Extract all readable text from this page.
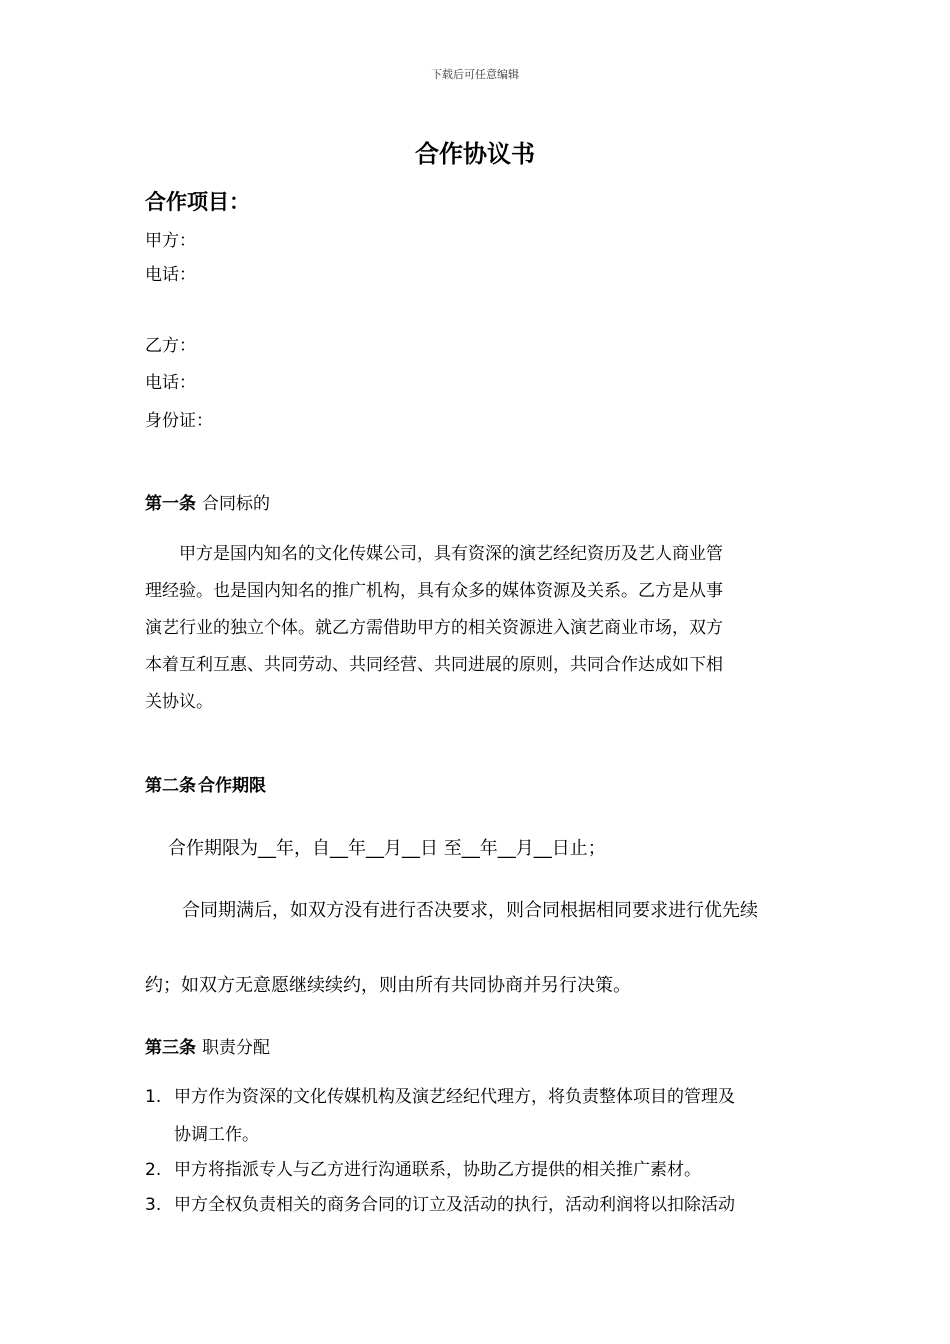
下载后可任意编辑
合作协议书
合作项目：
甲方：
电话：
乙方：
电话：
身份证：
第一条 合同标的
　　甲方是国内知名的文化传媒公司，具有资深的演艺经纪资历及艺人商业管
理经验。也是国内知名的推广机构，具有众多的媒体资源及关系。乙方是从事
演艺行业的独立个体。就乙方需借助甲方的相关资源进入演艺商业市场，双方
本着互利互惠、共同劳动、共同经营、共同进展的原则，共同合作达成如下相
关协议。
第二条 合作期限
合作期限为__年，自__年__月__日 至__年__月__日止；
合同期满后，如双方没有进行否决要求，则合同根据相同要求进行优先续
约；如双方无意愿继续续约，则由所有共同协商并另行决策。
第三条 职责分配
1. 甲方作为资深的文化传媒机构及演艺经纪代理方，将负责整体项目的管理及
协调工作。
2. 甲方将指派专人与乙方进行沟通联系，协助乙方提供的相关推广素材。
3. 甲方全权负责相关的商务合同的订立及活动的执行，活动利润将以扣除活动
